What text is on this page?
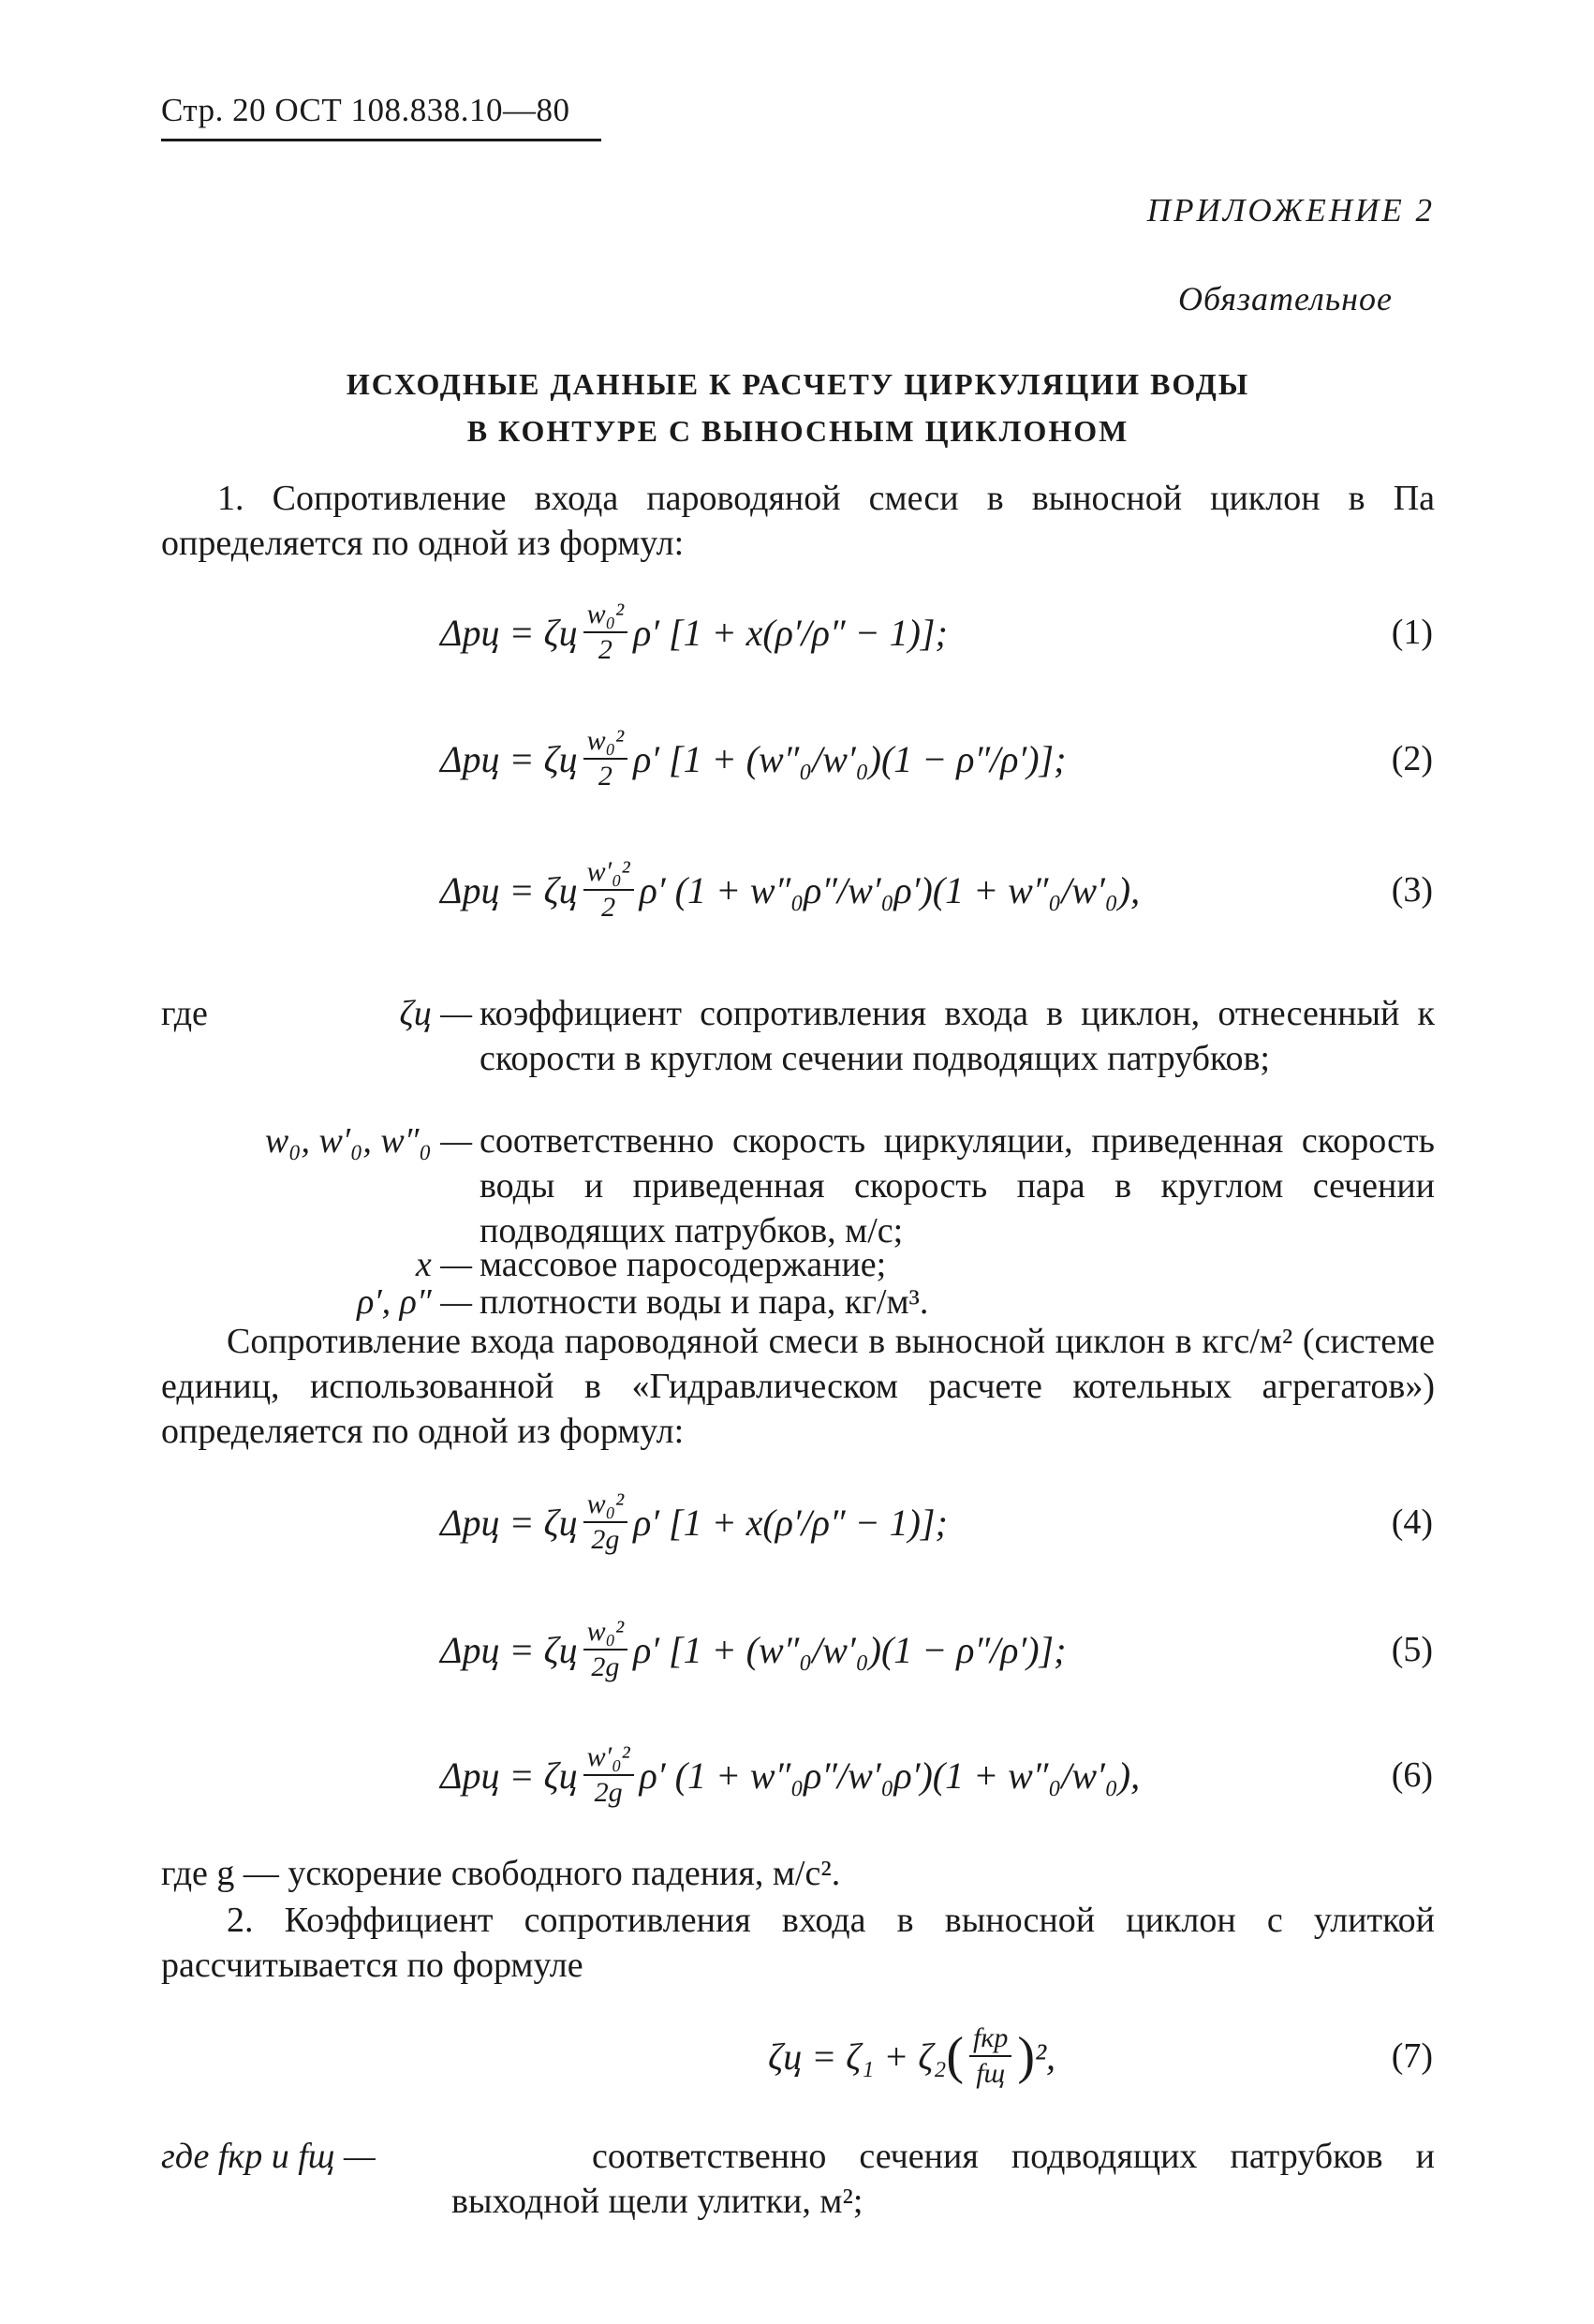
Стр. 20 ОСТ 108.838.10—80
ПРИЛОЖЕНИЕ 2
Обязательное
ИСХОДНЫЕ ДАННЫЕ К РАСЧЕТУ ЦИРКУЛЯЦИИ ВОДЫ
В КОНТУРЕ С ВЫНОСНЫМ ЦИКЛОНОМ
1. Сопротивление входа пароводяной смеси в выносной циклон в Па определяется по одной из формул:
Δpц = ζц $\frac{\text{w₀²}}{2} \rho'$ [1 + x(ρ′/ρ″ − 1)];	(1)
Δpц = ζц $\frac{\text{w₀²}}{2} \rho'$ [1 + (w″₀/w′₀)(1 − ρ″/ρ′)];	(2)
Δpц = ζц $\frac{\text{w′₀²}}{2} \rho'$ (1 + w″₀ρ″/w′₀ρ′)(1 + w″₀/w′₀),	(3)
где	ζц — коэффициент сопротивления входа в циклон, отнесенный к скорости в круглом сечении подводящих патрубков;
w₀, w′₀, w″₀ — соответственно скорость циркуляции, приведенная скорость воды и приведенная скорость пара в круглом сечении подводящих патрубков, м/с;
x — массовое паросодержание;
ρ′, ρ″ — плотности воды и пара, кг/м³.
Сопротивление входа пароводяной смеси в выносной циклон в кгс/м² (системе единиц, использованной в «Гидравлическом расчете котельных агрегатов») определяется по одной из формул:
Δpц = ζц $\frac{\text{w₀²}}{2g} \rho'$ [1 + x(ρ′/ρ″ − 1)];	(4)
Δpц = ζц $\frac{\text{w₀²}}{2g} \rho'$ [1 + (w″₀/w′₀)(1 − ρ″/ρ′)];	(5)
Δpц = ζц $\frac{\text{w′₀²}}{2g} \rho'$ (1 + w″₀ρ″/w′₀ρ′)(1 + w″₀/w′₀),	(6)
где g — ускорение свободного падения, м/с².
2. Коэффициент сопротивления входа в выносной циклон с улиткой рассчитывается по формуле
ζц = ζ₁ + ζ₂ ( $\frac{\text{fкр}}{fщ}$ ) ²,	(7)
где fкр и fщ —	соответственно сечения подводящих патрубков и выходной щели улитки, м²;
